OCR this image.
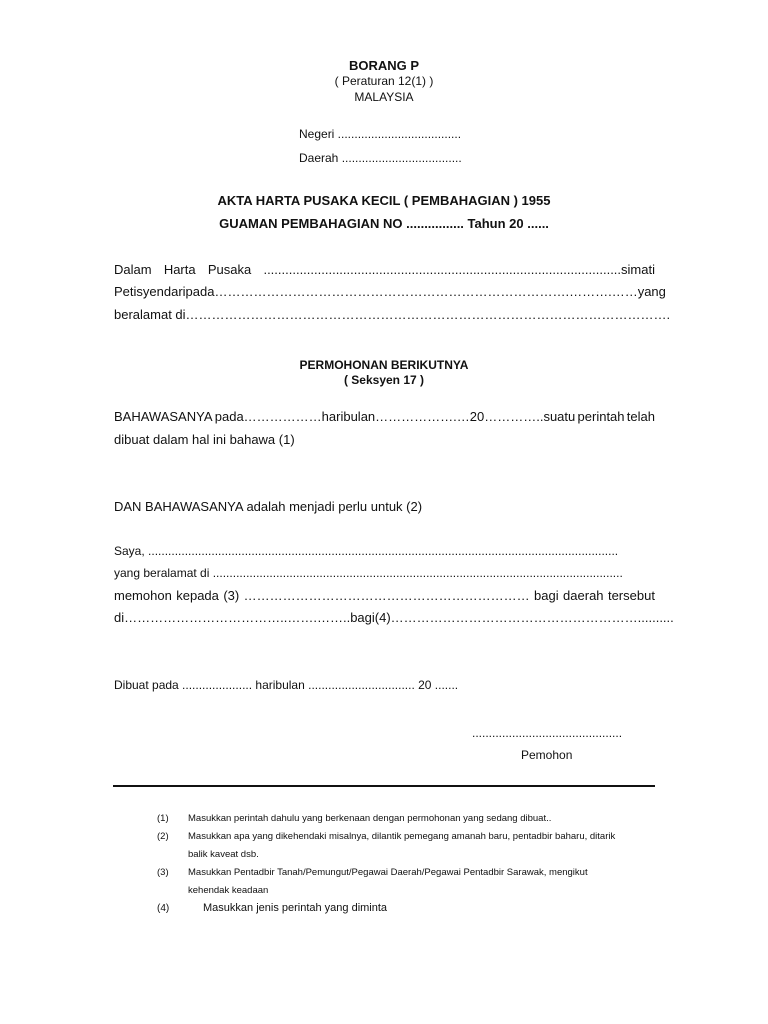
BORANG P
( Peraturan 12(1) )
MALAYSIA
Negeri .....................................
Daerah ....................................
AKTA HARTA PUSAKA KECIL ( PEMBAHAGIAN ) 1955
GUAMAN PEMBAHAGIAN NO ................ Tahun 20 ......
Dalam Harta Pusaka ...................................................................................................simati
Petisyen daripada……………………………………………………………………….……….……yang
beralamat di………………………………………………………………………………………………….
PERMOHONAN BERIKUTNYA
( Seksyen 17 )
BAHAWASANYA pada………………haribulan……………….…20…………..suatu perintah telah
dibuat dalam hal ini bahawa (1)
DAN BAHAWASANYA adalah menjadi perlu untuk (2)
Saya, .............................................................................................................................................
yang beralamat di ...........................................................................................................................
memohon kepada (3) ………………………………………………………… bagi daerah tersebut
di………………………………..…….…….. bagi (4)…………………………………………………..........
Dibuat pada ..................... haribulan ................................ 20 .......
.............................................
Pemohon
(1) Masukkan perintah dahulu yang berkenaan dengan permohonan yang sedang dibuat..
(2) Masukkan apa yang dikehendaki misalnya, dilantik pemegang amanah baru, pentadbir baharu, ditarik
balik kaveat dsb.
(3) Masukkan Pentadbir Tanah/Pemungut/Pegawai Daerah/Pegawai Pentadbir Sarawak, mengikut
kehendak keadaan
(4)	Masukkan jenis perintah yang diminta
